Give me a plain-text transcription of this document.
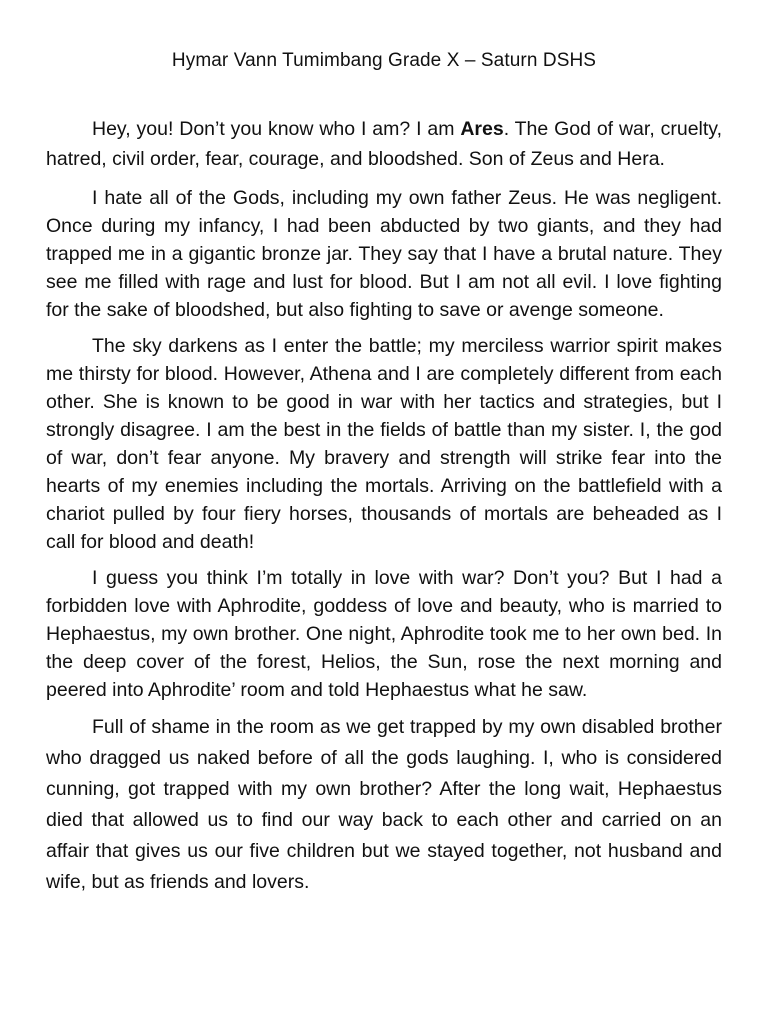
Hymar Vann Tumimbang Grade X – Saturn DSHS

Hey, you! Don’t you know who I am? I am Ares. The God of war, cruelty, hatred, civil order, fear, courage, and bloodshed. Son of Zeus and Hera.

I hate all of the Gods, including my own father Zeus. He was negligent. Once during my infancy, I had been abducted by two giants, and they had trapped me in a gigantic bronze jar. They say that I have a brutal nature. They see me filled with rage and lust for blood. But I am not all evil. I love fighting for the sake of bloodshed, but also fighting to save or avenge someone.

The sky darkens as I enter the battle; my merciless warrior spirit makes me thirsty for blood. However, Athena and I are completely different from each other. She is known to be good in war with her tactics and strategies, but I strongly disagree. I am the best in the fields of battle than my sister. I, the god of war, don’t fear anyone. My bravery and strength will strike fear into the hearts of my enemies including the mortals. Arriving on the battlefield with a chariot pulled by four fiery horses, thousands of mortals are beheaded as I call for blood and death!

I guess you think I’m totally in love with war? Don’t you? But I had a forbidden love with Aphrodite, goddess of love and beauty, who is married to Hephaestus, my own brother. One night, Aphrodite took me to her own bed. In the deep cover of the forest, Helios, the Sun, rose the next morning and peered into Aphrodite’ room and told Hephaestus what he saw.

Full of shame in the room as we get trapped by my own disabled brother who dragged us naked before of all the gods laughing. I, who is considered cunning, got trapped with my own brother? After the long wait, Hephaestus died that allowed us to find our way back to each other and carried on an affair that gives us our five children but we stayed together, not husband and wife, but as friends and lovers.
